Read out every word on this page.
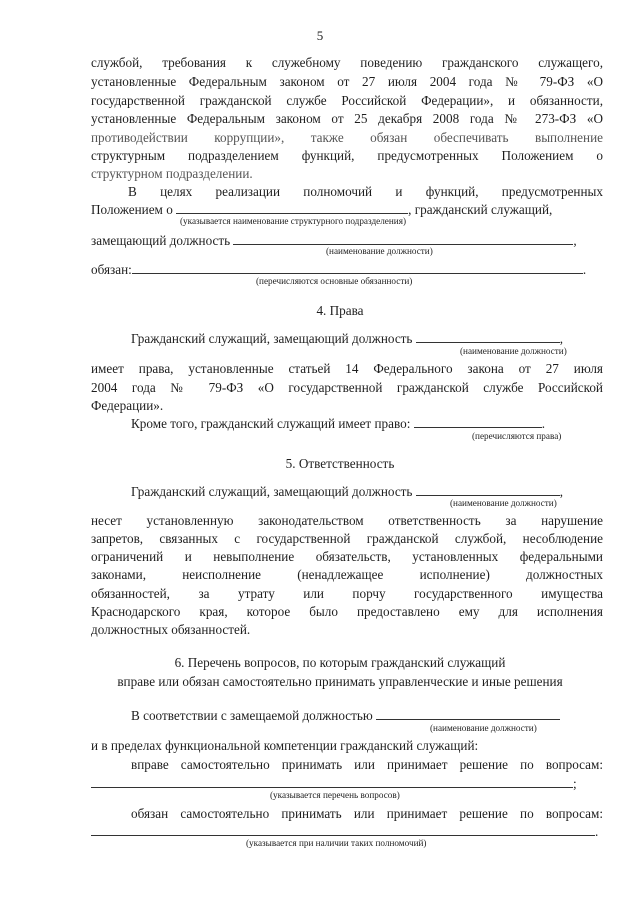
5
службой, требования к служебному поведению гражданского служащего,
установленные Федеральным законом от 27 июля 2004 года № 79-ФЗ «О
государственной гражданской службе Российской Федерации», и обязанности,
установленные Федеральным законом от 25 декабря 2008 года № 273-ФЗ «О
противодействии коррупции», также обязан обеспечивать выполнение
структурным подразделением функций, предусмотренных Положением о
структурном подразделении.
В целях реализации полномочий и функций, предусмотренных
Положением о	, гражданский служащий,
(указывается наименование структурного подразделения)
замещающий должность	,
(наименование должности)
обязан:	.
(перечисляются основные обязанности)
4. Права
Гражданский служащий, замещающий должность	,
(наименование должности)
имеет права, установленные статьей 14 Федерального закона от 27 июля
2004 года № 79-ФЗ «О государственной гражданской службе Российской
Федерации».
Кроме того, гражданский служащий имеет право:	.
(перечисляются права)
5. Ответственность
Гражданский служащий, замещающий должность	,
(наименование должности)
несет установленную законодательством ответственность за нарушение
запретов, связанных с государственной гражданской службой, несоблюдение
ограничений и невыполнение обязательств, установленных федеральными
законами, неисполнение (ненадлежащее исполнение) должностных
обязанностей, за утрату или порчу государственного имущества
Краснодарского края, которое было предоставлено ему для исполнения
должностных обязанностей.
6. Перечень вопросов, по которым гражданский служащий
вправе или обязан самостоятельно принимать управленческие и иные решения
В соответствии с замещаемой должностью
(наименование должности)
и в пределах функциональной компетенции гражданский служащий:
вправе самостоятельно принимать или принимает решение по вопросам:
;
(указывается перечень вопросов)
обязан самостоятельно принимать или принимает решение по вопросам:
.
(указывается при наличии таких полномочий)
